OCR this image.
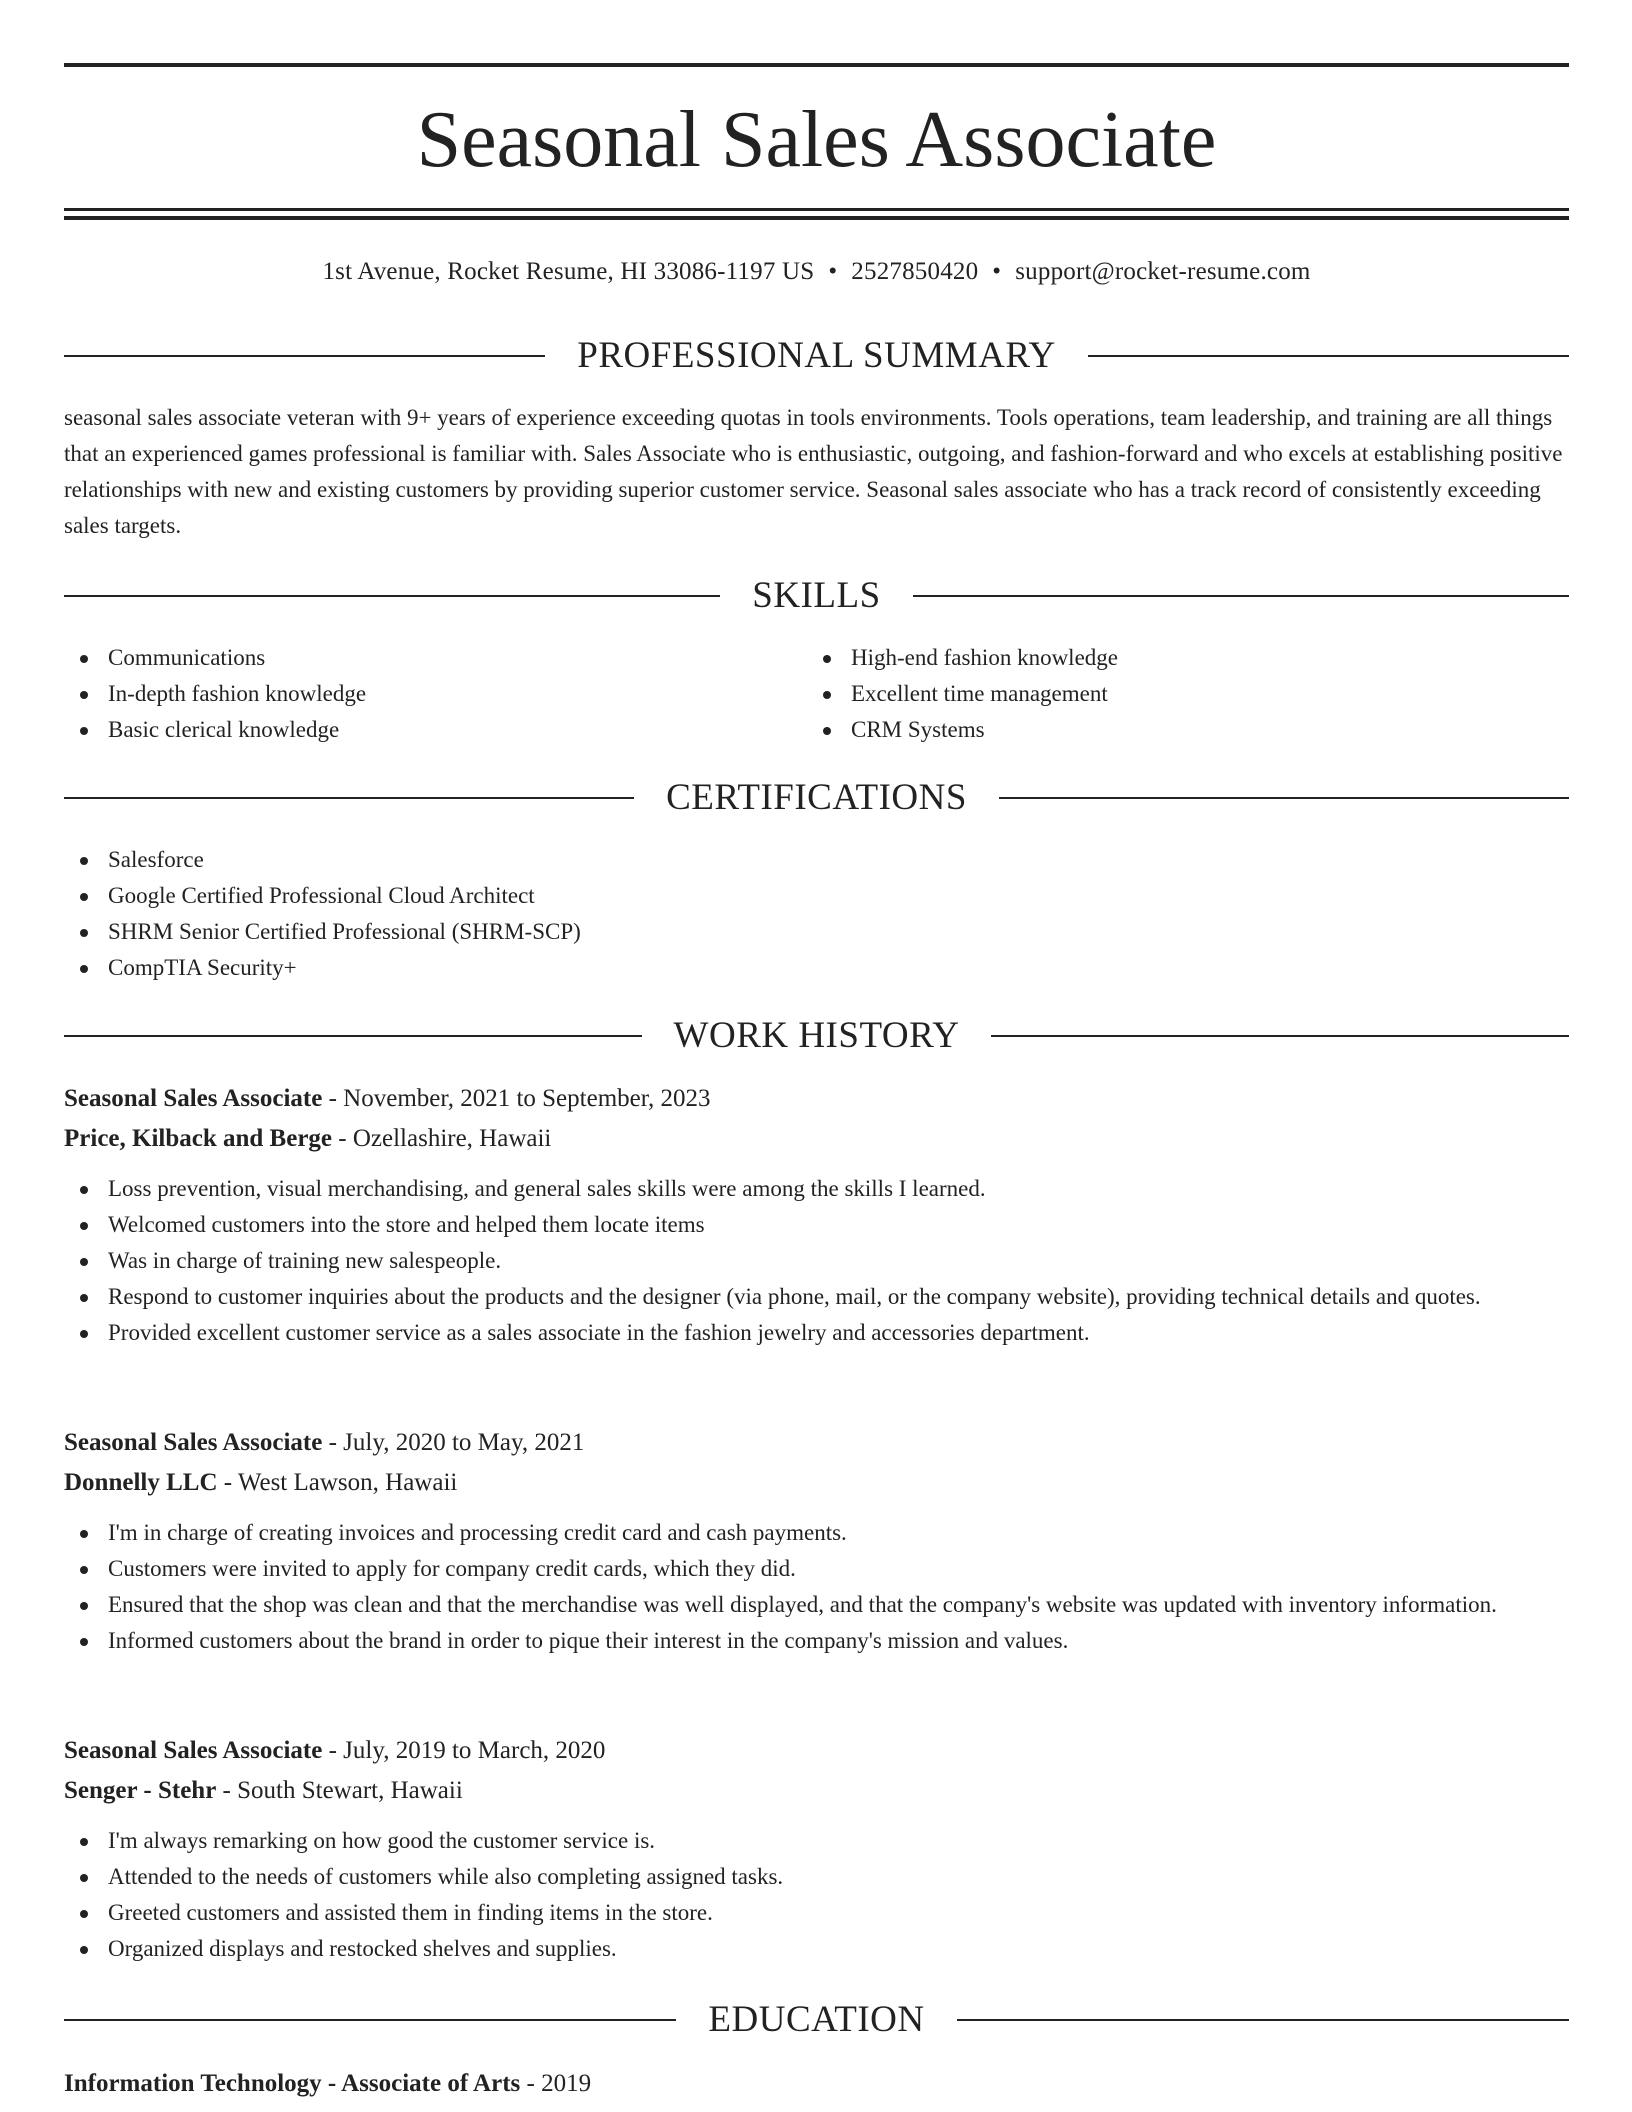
Seasonal Sales Associate
1st Avenue, Rocket Resume, HI 33086-1197 US • 2527850420 • support@rocket-resume.com
PROFESSIONAL SUMMARY

seasonal sales associate veteran with 9+ years of experience exceeding quotas in tools environments. Tools operations, team leadership, and training are all things that an experienced games professional is familiar with. Sales Associate who is enthusiastic, outgoing, and fashion-forward and who excels at establishing positive relationships with new and existing customers by providing superior customer service. Seasonal sales associate who has a track record of consistently exceeding sales targets.

SKILLS
Communications
In-depth fashion knowledge
Basic clerical knowledge
High-end fashion knowledge
Excellent time management
CRM Systems
CERTIFICATIONS
Salesforce
Google Certified Professional Cloud Architect
SHRM Senior Certified Professional (SHRM-SCP)
CompTIA Security+
WORK HISTORY
Seasonal Sales Associate - November, 2021 to September, 2023
Price, Kilback and Berge - Ozellashire, Hawaii
Loss prevention, visual merchandising, and general sales skills were among the skills I learned.
Welcomed customers into the store and helped them locate items
Was in charge of training new salespeople.
Respond to customer inquiries about the products and the designer (via phone, mail, or the company website), providing technical details and quotes.
Provided excellent customer service as a sales associate in the fashion jewelry and accessories department.
Seasonal Sales Associate - July, 2020 to May, 2021
Donnelly LLC - West Lawson, Hawaii
I'm in charge of creating invoices and processing credit card and cash payments.
Customers were invited to apply for company credit cards, which they did.
Ensured that the shop was clean and that the merchandise was well displayed, and that the company's website was updated with inventory information.
Informed customers about the brand in order to pique their interest in the company's mission and values.
Seasonal Sales Associate - July, 2019 to March, 2020
Senger - Stehr - South Stewart, Hawaii
I'm always remarking on how good the customer service is.
Attended to the needs of customers while also completing assigned tasks.
Greeted customers and assisted them in finding items in the store.
Organized displays and restocked shelves and supplies.
EDUCATION
Information Technology - Associate of Arts - 2019
